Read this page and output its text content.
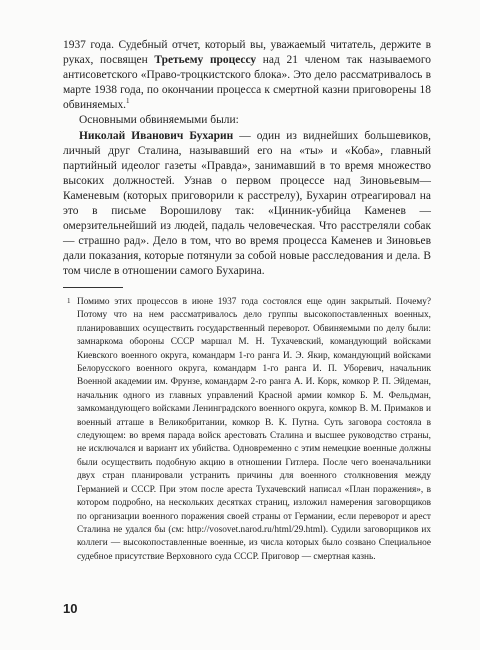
1937 года. Судебный отчет, который вы, уважаемый читатель, держите в руках, посвящен Третьему процессу над 21 членом так называемого антисоветского «Право-троцкистского блока». Это дело рассматривалось в марте 1938 года, по окончании процесса к смертной казни приговорены 18 обвиняемых.$^1$

Основными обвиняемыми были:

Николай Иванович Бухарин — один из виднейших большевиков, личный друг Сталина, называвший его на «ты» и «Коба», главный партийный идеолог газеты «Правда», занимавший в то время множество высоких должностей. Узнав о первом процессе над Зиновьевым—Каменевым (которых приговорили к расстрелу), Бухарин отреагировал на это в письме Ворошилову так: «Цинник-убийца Каменев — омерзительнейший из людей, падаль человеческая. Что расстреляли собак — страшно рад». Дело в том, что во время процесса Каменев и Зиновьев дали показания, которые потянули за собой новые расследования и дела. В том числе в отношении самого Бухарина.

1 Помимо этих процессов в июне 1937 года состоялся еще один закрытый. Почему? Потому что на нем рассматривалось дело группы высокопоставленных военных, планировавших осуществить государственный переворот. Обвиняемыми по делу были: замнаркома обороны СССР маршал М. Н. Тухачевский, командующий войсками Киевского военного округа, командарм 1-го ранга И. Э. Якир, командующий войсками Белорусского военного округа, командарм 1-го ранга И. П. Уборевич, начальник Военной академии им. Фрунзе, командарм 2-го ранга А. И. Корк, комкор Р. П. Эйдеман, начальник одного из главных управлений Красной армии комкор Б. М. Фельдман, замкомандующего войсками Ленинградского военного округа, комкор В. М. Примаков и военный атташе в Великобритании, комкор В. К. Путна. Суть заговора состояла в следующем: во время парада войск арестовать Сталина и высшее руководство страны, не исключался и вариант их убийства. Одновременно с этим немецкие военные должны были осуществить подобную акцию в отношении Гитлера. После чего военачальники двух стран планировали устранить причины для военного столкновения между Германией и СССР. При этом после ареста Тухачевский написал «План поражения», в котором подробно, на нескольких десятках страниц, изложил намерения заговорщиков по организации военного поражения своей страны от Германии, если переворот и арест Сталина не удался бы (см: http://vosovet.narod.ru/html/29.html). Судили заговорщиков их коллеги — высокопоставленные военные, из числа которых было созвано Специальное судебное присутствие Верховного суда СССР. Приговор — смертная казнь.
10
